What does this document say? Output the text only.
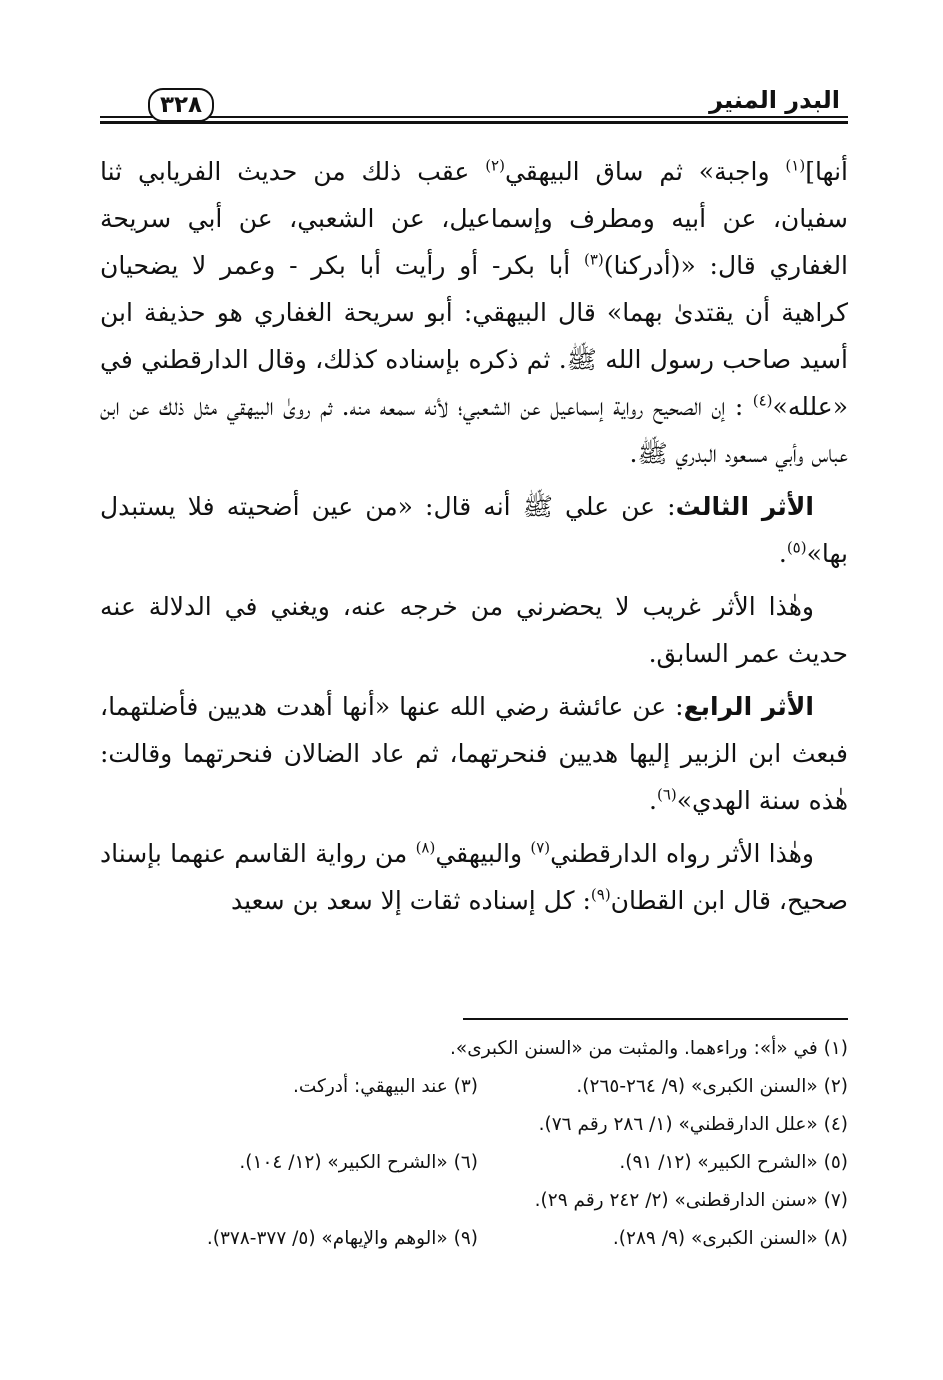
البدر المنير
٣٢٨

أنها]$^{(١)}$ واجبة» ثم ساق البيهقي$^{(٢)}$ عقب ذلك من حديث الفريابي ثنا سفيان، عن أبيه ومطرف وإسماعيل، عن الشعبي، عن أبي سريحة الغفاري قال: «(أدركنا)$^{(٣)}$ أبا بكر- أو رأيت أبا بكر - وعمر لا يضحيان كراهية أن يقتدىٰ بهما» قال البيهقي: أبو سريحة الغفاري هو حذيفة ابن أسيد صاحب رسول الله ﷺ. ثم ذكره بإسناده كذلك، وقال الدارقطني في «علله»$^{(٤)}$ : إن الصحيح رواية إسماعيل عن الشعبي؛ لأنه سمعه منه. ثم روىٰ البيهقي مثل ذلك عن ابن عباس وأبي مسعود البدري ﷺ.

الأثر الثالث: عن علي ﷺ أنه قال: «من عين أضحيته فلا يستبدل بها»$^{(٥)}$.

وهٰذا الأثر غريب لا يحضرني من خرجه عنه، ويغني في الدلالة عنه حديث عمر السابق.

الأثر الرابع: عن عائشة رضي الله عنها «أنها أهدت هديين فأضلتهما، فبعث ابن الزبير إليها هديين فنحرتهما، ثم عاد الضالان فنحرتهما وقالت: هٰذه سنة الهدي»$^{(٦)}$.

وهٰذا الأثر رواه الدارقطني$^{(٧)}$ والبيهقي$^{(٨)}$ من رواية القاسم عنهما بإسناد صحيح، قال ابن القطان$^{(٩)}$: كل إسناده ثقات إلا سعد بن سعيد

(١) في «أ»: وراءهما. والمثبت من «السنن الكبرى».
(٢) «السنن الكبرى» (٩/ ٢٦٤-٢٦٥).
(٣) عند البيهقي: أدركت.
(٤) «علل الدارقطني» (١/ ٢٨٦ رقم ٧٦).
(٥) «الشرح الكبير» (١٢/ ٩١).
(٦) «الشرح الكبير» (١٢/ ١٠٤).
(٧) «سنن الدارقطنى» (٢/ ٢٤٢ رقم ٢٩).
(٨) «السنن الكبرى» (٩/ ٢٨٩).
(٩) «الوهم والإيهام» (٥/ ٣٧٧-٣٧٨).
